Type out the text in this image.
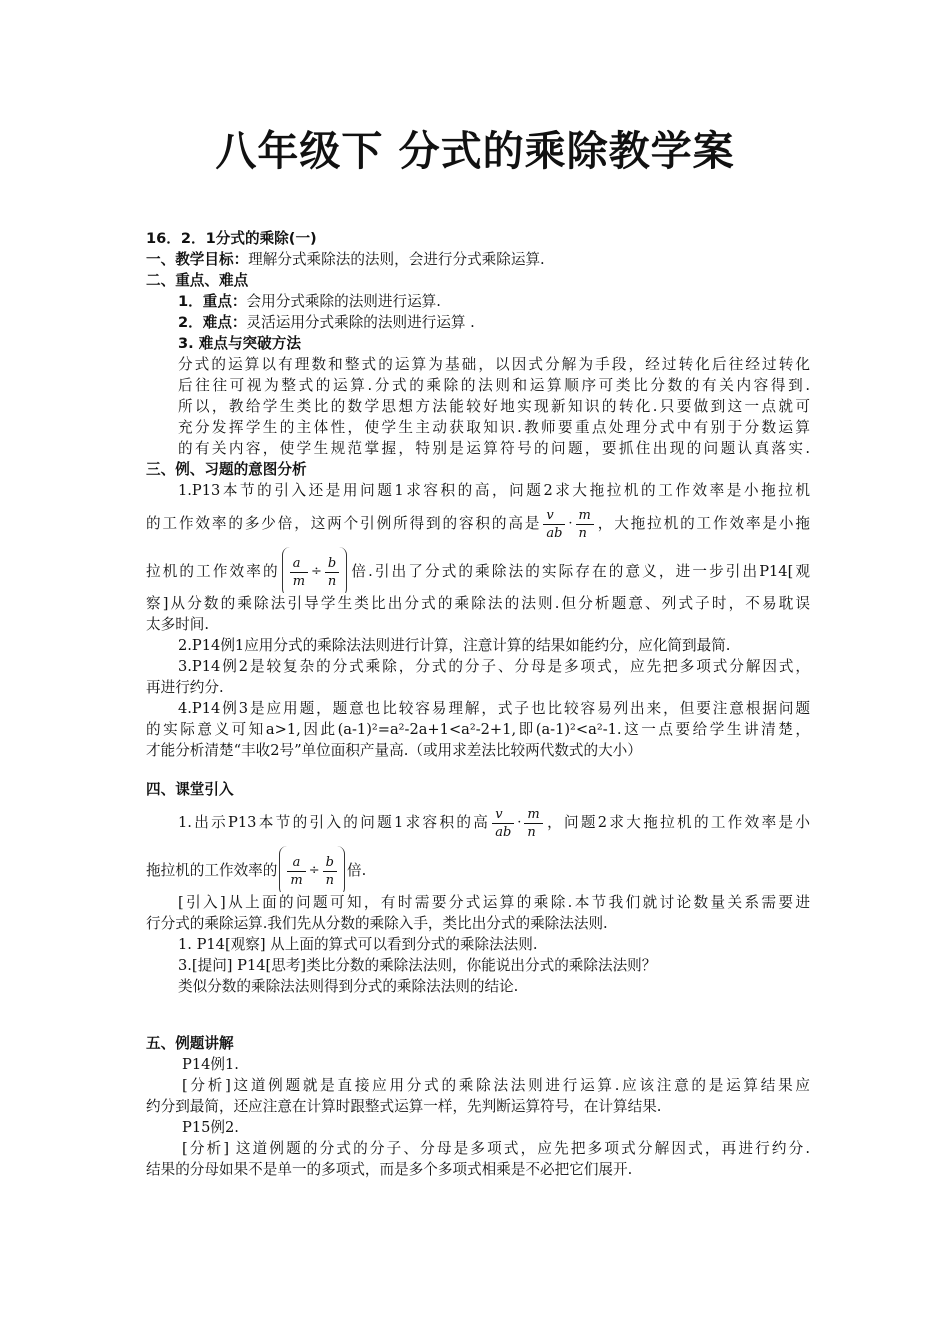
八年级下 分式的乘除教学案
16．2．1分式的乘除(一)
一、教学目标：理解分式乘除法的法则，会进行分式乘除运算.
二、重点、难点
1．重点：会用分式乘除的法则进行运算.
2．难点：灵活运用分式乘除的法则进行运算 .
3. 难点与突破方法
分式的运算以有理数和整式的运算为基础，以因式分解为手段，经过转化后往经过转化
后往往可视为整式的运算.分式的乘除的法则和运算顺序可类比分数的有关内容得到.
所以，教给学生类比的数学思想方法能较好地实现新知识的转化.只要做到这一点就可
充分发挥学生的主体性，使学生主动获取知识.教师要重点处理分式中有别于分数运算
的有关内容，使学生规范掌握，特别是运算符号的问题，要抓住出现的问题认真落实.
三、例、习题的意图分析
1.P13本节的引入还是用问题1求容积的高，问题2求大拖拉机的工作效率是小拖拉机
的工作效率的多少倍，这两个引例所得到的容积的高是 $\frac{v}{ab} \cdot \frac{m}{n}$ ，大拖拉机的工作效率是小拖
拉机的工作效率的 $\frac{a}{m} \div \frac{b}{n}$ 倍.引出了分式的乘除法的实际存在的意义，进一步引出P14[观
察]从分数的乘除法引导学生类比出分式的乘除法的法则.但分析题意、列式子时，不易耽误
太多时间.
2.P14例1应用分式的乘除法法则进行计算，注意计算的结果如能约分，应化简到最简.
3.P14例2是较复杂的分式乘除，分式的分子、分母是多项式，应先把多项式分解因式，
再进行约分.
4.P14例3是应用题，题意也比较容易理解，式子也比较容易列出来，但要注意根据问题
的实际意义可知a>1,因此(a-1)²=a²-2a+1<a²-2+1,即(a-1)²<a²-1.这一点要给学生讲清楚，
才能分析清楚“丰收2号”单位面积产量高.（或用求差法比较两代数式的大小）
四、课堂引入
1.出示P13本节的引入的问题1求容积的高 $\frac{v}{ab} \cdot \frac{m}{n}$ ，问题2求大拖拉机的工作效率是小
拖拉机的工作效率的 $\frac{a}{m} \div \frac{b}{n}$ 倍.
[引入]从上面的问题可知，有时需要分式运算的乘除.本节我们就讨论数量关系需要进
行分式的乘除运算.我们先从分数的乘除入手，类比出分式的乘除法法则.
1. P14[观察] 从上面的算式可以看到分式的乘除法法则.
3.[提问] P14[思考]类比分数的乘除法法则，你能说出分式的乘除法法则？
类似分数的乘除法法则得到分式的乘除法法则的结论.
五、例题讲解
P14例1.
[分析]这道例题就是直接应用分式的乘除法法则进行运算.应该注意的是运算结果应
约分到最简，还应注意在计算时跟整式运算一样，先判断运算符号，在计算结果.
P15例2.
[分析] 这道例题的分式的分子、分母是多项式，应先把多项式分解因式，再进行约分.
结果的分母如果不是单一的多项式，而是多个多项式相乘是不必把它们展开.
